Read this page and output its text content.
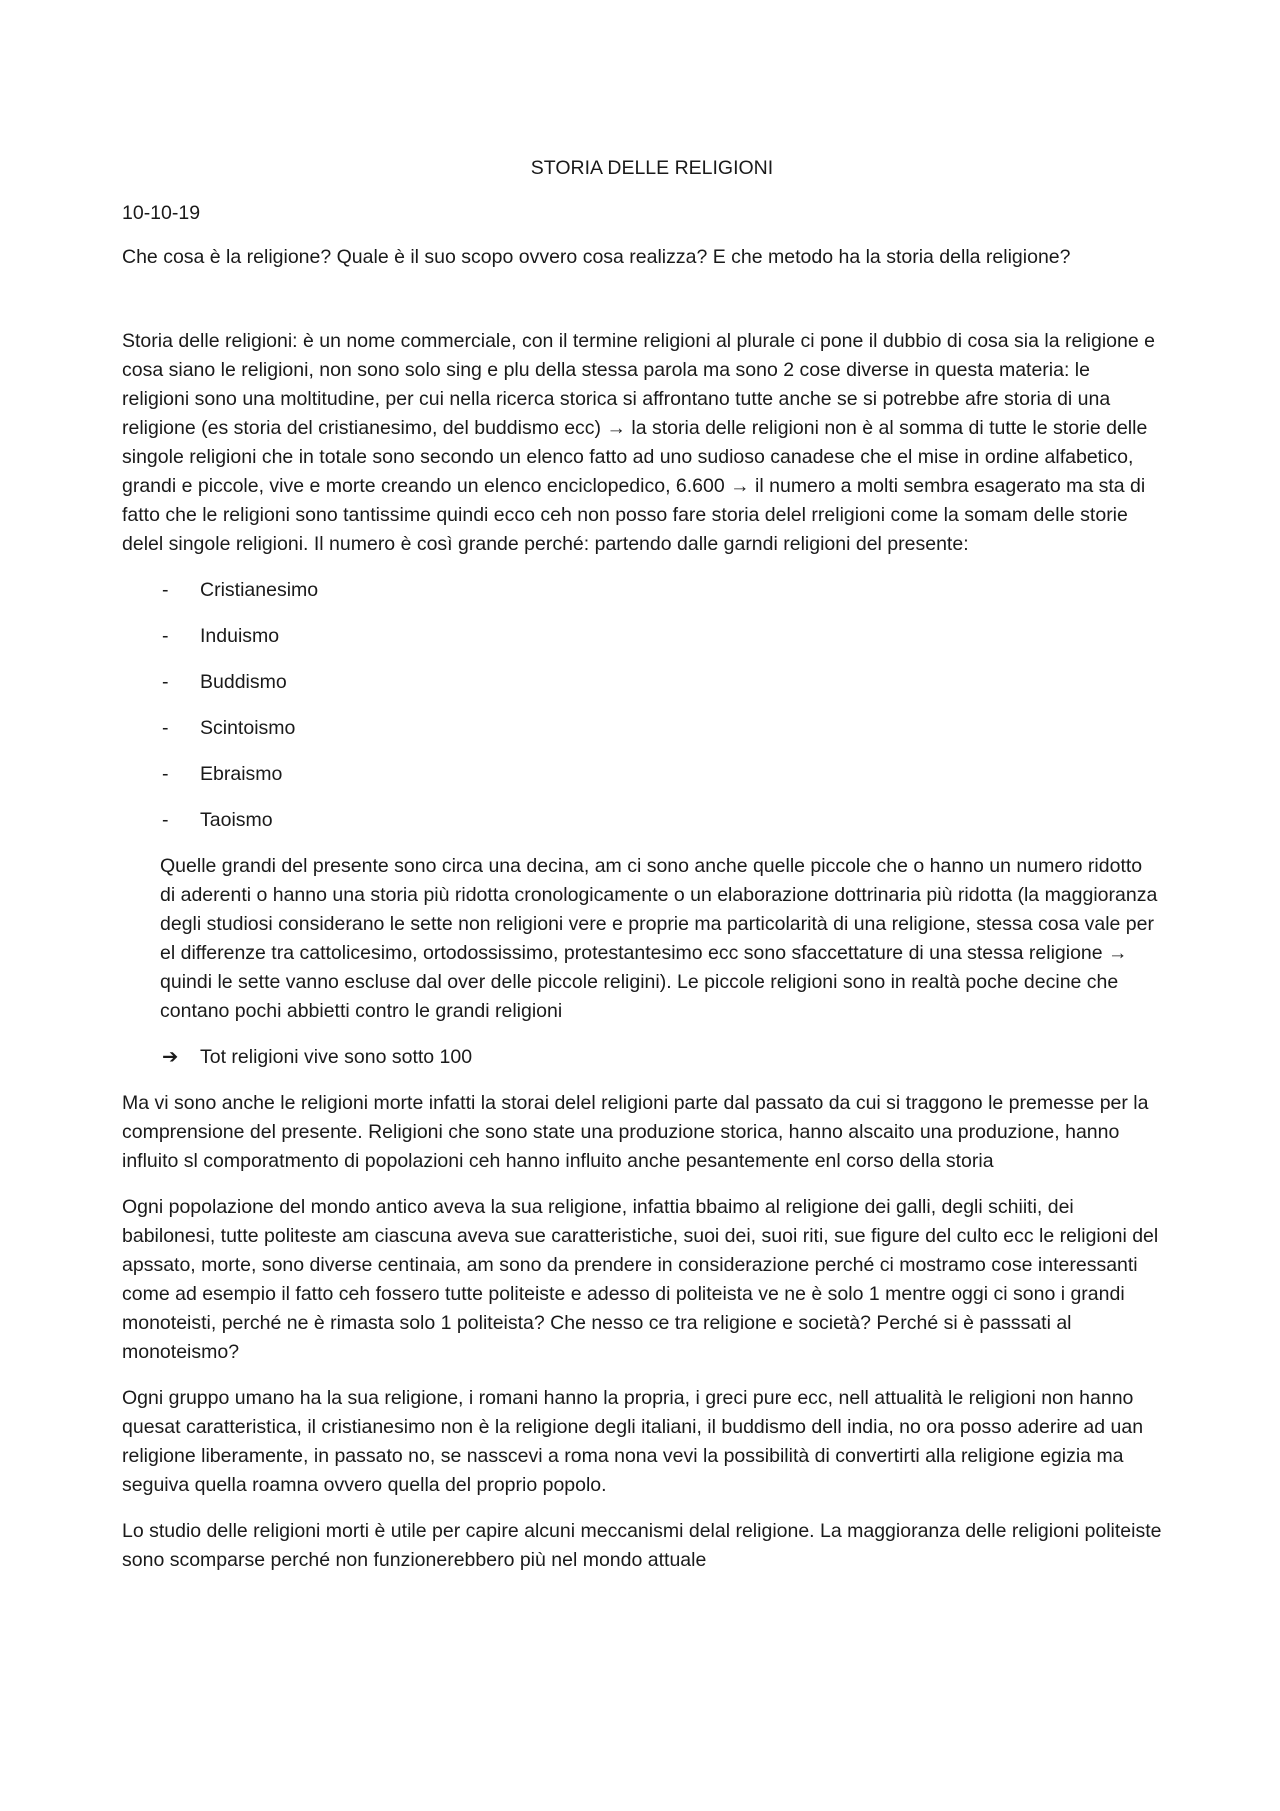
STORIA DELLE RELIGIONI
10-10-19
Che cosa è la religione? Quale è il suo scopo ovvero cosa realizza? E che metodo ha la storia della religione?

Storia delle religioni: è un nome commerciale, con il termine religioni al plurale ci pone il dubbio di cosa sia la religione e cosa siano le religioni, non sono solo sing e plu della stessa parola ma sono 2 cose diverse in questa materia: le religioni sono una moltitudine, per cui nella ricerca storica si affrontano tutte anche se si potrebbe afre storia di una religione (es storia del cristianesimo, del buddismo ecc) → la storia delle religioni non è al somma di tutte le storie delle singole religioni che in totale sono secondo un elenco fatto ad uno sudioso canadese che el mise in ordine alfabetico, grandi e piccole, vive e morte creando un elenco enciclopedico, 6.600 → il numero a molti sembra esagerato ma sta di fatto che le religioni sono tantissime quindi ecco ceh non posso fare storia delel rreligioni come la somam delle storie delel singole religioni. Il numero è così grande perché: partendo dalle garndi religioni del presente:

- Cristianesimo
- Induismo
- Buddismo
- Scintoismo
- Ebraismo
- Taoismo

Quelle grandi del presente sono circa una decina, am ci sono anche quelle piccole che o hanno un numero ridotto di aderenti o hanno una storia più ridotta cronologicamente o un elaborazione dottrinaria più ridotta (la maggioranza degli studiosi considerano le sette non religioni vere e proprie ma particolarità di una religione, stessa cosa vale per el differenze tra cattolicesimo, ortodossissimo, protestantesimo ecc sono sfaccettature di una stessa religione → quindi le sette vanno escluse dal over delle piccole religini). Le piccole religioni sono in realtà poche decine che contano pochi abbietti contro le grandi religioni

➔ Tot religioni vive sono sotto 100

Ma vi sono anche le religioni morte infatti la storai delel religioni parte dal passato da cui si traggono le premesse per la comprensione del presente. Religioni che sono state una produzione storica, hanno alscaito una produzione, hanno influito sl comporatmento di popolazioni ceh hanno influito anche pesantemente enl corso della storia

Ogni popolazione del mondo antico aveva la sua religione, infattia bbaimo al religione dei galli, degli schiiti, dei babilonesi, tutte politeste am ciascuna aveva sue caratteristiche, suoi dei, suoi riti, sue figure del culto ecc le religioni del apssato, morte, sono diverse centinaia, am sono da prendere in considerazione perché ci mostramo cose interessanti come ad esempio il fatto ceh fossero tutte politeiste e adesso di politeista ve ne è solo 1 mentre oggi ci sono i grandi monoteisti, perché ne è rimasta solo 1 politeista? Che nesso ce tra religione e società? Perché si è passsati al monoteismo?

Ogni gruppo umano ha la sua religione, i romani hanno la propria, i greci pure ecc, nell attualità le religioni non hanno quesat caratteristica, il cristianesimo non è la religione degli italiani, il buddismo dell india, no ora posso aderire ad uan religione liberamente, in passato no, se nasscevi a roma nona vevi la possibilità di convertirti alla religione egizia ma seguiva quella roamna ovvero quella del proprio popolo.

Lo studio delle religioni morti è utile per capire alcuni meccanismi delal religione. La maggioranza delle religioni politeiste sono scomparse perché non funzionerebbero più nel mondo attuale
